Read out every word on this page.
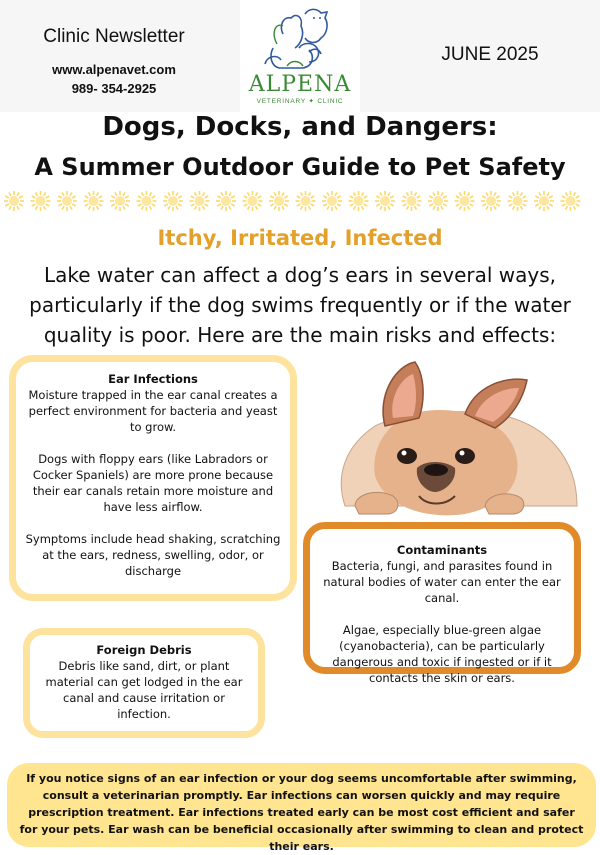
Clinic Newsletter
www.alpenavet.com
989- 354-2925
JUNE 2025
ALPENA
VETERINARY ✦ CLINIC
Dogs, Docks, and Dangers:
A Summer Outdoor Guide to Pet Safety
Itchy, Irritated, Infected
Lake water can affect a dog’s ears in several ways, particularly if the dog swims frequently or if the water quality is poor. Here are the main risks and effects:
Ear Infections

Moisture trapped in the ear canal creates a perfect environment for bacteria and yeast to grow.

Dogs with floppy ears (like Labradors or Cocker Spaniels) are more prone because their ear canals retain more moisture and have less airflow.

Symptoms include head shaking, scratching at the ears, redness, swelling, odor, or discharge

Contaminants

Bacteria, fungi, and parasites found in natural bodies of water can enter the ear canal.

Algae, especially blue-green algae (cyanobacteria), can be particularly dangerous and toxic if ingested or if it contacts the skin or ears.

Foreign Debris

Debris like sand, dirt, or plant material can get lodged in the ear canal and cause irritation or infection.

If you notice signs of an ear infection or your dog seems uncomfortable after swimming, consult a veterinarian promptly. Ear infections can worsen quickly and may require prescription treatment. Ear infections treated early can be most cost efficient and safer for your pets. Ear wash can be beneficial occasionally after swimming to clean and protect their ears.
